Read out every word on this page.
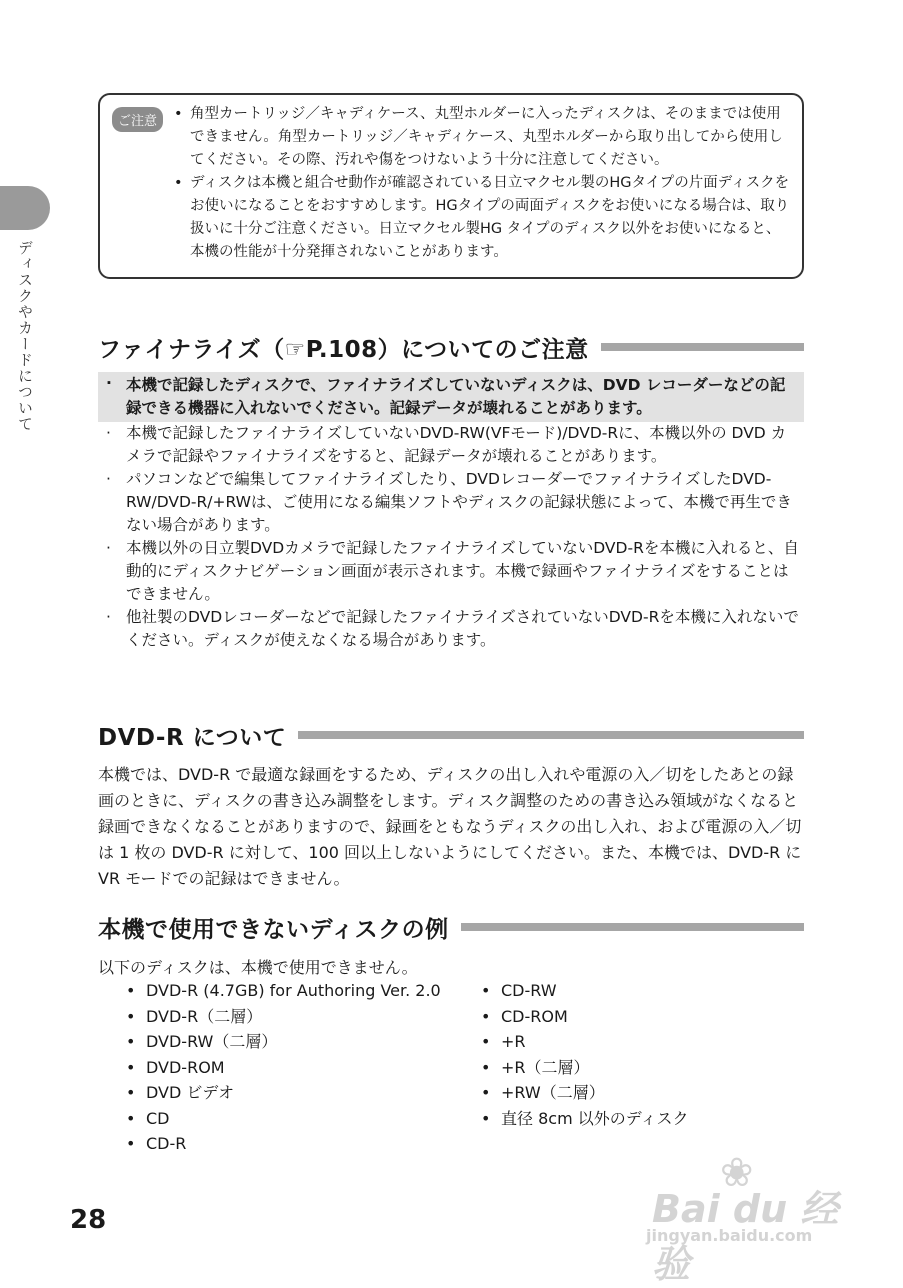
ディスクやカードについて
ご注意
•	角型カートリッジ／キャディケース、丸型ホルダーに入ったディスクは、そのままでは使用できません。角型カートリッジ／キャディケース、丸型ホルダーから取り出してから使用してください。その際、汚れや傷をつけないよう十分に注意してください。
• ディスクは本機と組合せ動作が確認されている日立マクセル製のHGタイプの片面ディスクをお使いになることをおすすめします。HGタイプの両面ディスクをお使いになる場合は、取り扱いに十分ご注意ください。日立マクセル製HG タイプのディスク以外をお使いになると、本機の性能が十分発揮されないことがあります。
ファイナライズ（☞P.108）についてのご注意
· 本機で記録したディスクで、ファイナライズしていないディスクは、DVD レコーダーなどの記録できる機器に入れないでください。記録データが壊れることがあります。
· 本機で記録したファイナライズしていないDVD-RW(VFモード)/DVD-Rに、本機以外の DVD カメラで記録やファイナライズをすると、記録データが壊れることがあります。
· パソコンなどで編集してファイナライズしたり、DVDレコーダーでファイナライズしたDVD-RW/DVD-R/+RWは、ご使用になる編集ソフトやディスクの記録状態によって、本機で再生できない場合があります。
· 本機以外の日立製DVDカメラで記録したファイナライズしていないDVD-Rを本機に入れると、自動的にディスクナビゲーション画面が表示されます。本機で録画やファイナライズをすることはできません。
· 他社製のDVDレコーダーなどで記録したファイナライズされていないDVD-Rを本機に入れないでください。ディスクが使えなくなる場合があります。
DVD-R について

本機では、DVD-R で最適な録画をするため、ディスクの出し入れや電源の入／切をしたあとの録画のときに、ディスクの書き込み調整をします。ディスク調整のための書き込み領域がなくなると録画できなくなることがありますので、録画をともなうディスクの出し入れ、および電源の入／切は 1 枚の DVD-R に対して、100 回以上しないようにしてください。また、本機では、DVD-R に VR モードでの記録はできません。

本機で使用できないディスクの例
以下のディスクは、本機で使用できません。
• DVD-R (4.7GB) for Authoring Ver. 2.0
• DVD-R（二層）
• DVD-RW（二層）
• DVD-ROM
• DVD ビデオ
• CD
• CD-R
• CD-RW
• CD-ROM
• +R
• +R（二層）
• +RW（二層）
• 直径 8cm 以外のディスク
28
❀
Bai du 经验
jingyan.baidu.com
